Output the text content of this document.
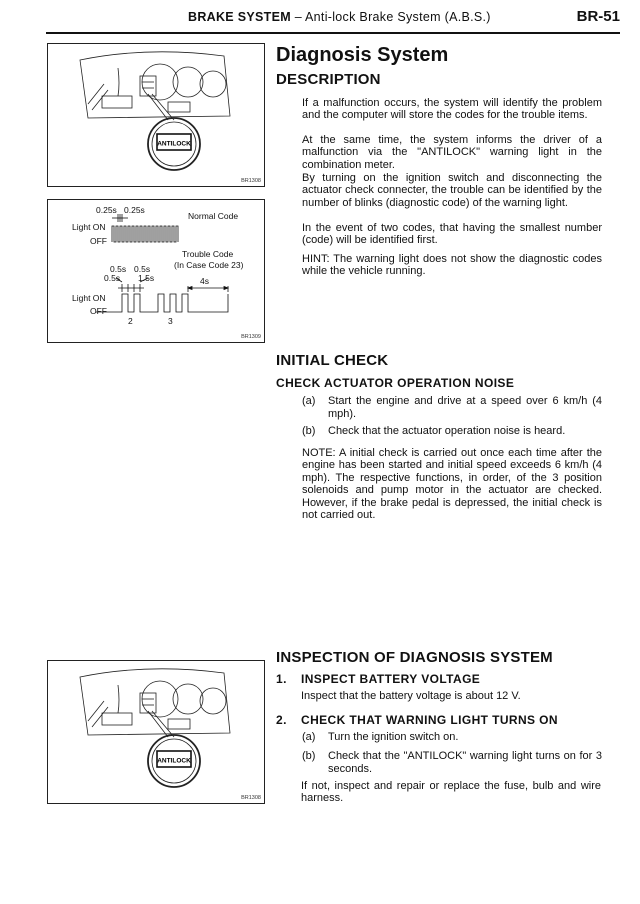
BRAKE SYSTEM – Anti-lock Brake System (A.B.S.)	BR-51
ANTILOCK
BR1308
0.25s 0.25s
Normal Code
Light ON
OFF
Trouble Code
(In Case Code 23)
0.5s 0.5s
0.5s 1.5s	4s
Light ON
OFF
2	3
BR1309
ANTILOCK
BR1308
Diagnosis System
DESCRIPTION
If a malfunction occurs, the system will identify the problem and the computer will store the codes for the trouble items.
At the same time, the system informs the driver of a malfunction via the "ANTILOCK" warning light in the combination meter.
By turning on the ignition switch and disconnecting the actuator check connecter, the trouble can be identified by the number of blinks (diagnostic code) of the warning light.
In the event of two codes, that having the smallest number (code) will be identified first.
HINT: The warning light does not show the diagnostic codes while the vehicle running.
INITIAL CHECK
CHECK ACTUATOR OPERATION NOISE
(a) Start the engine and drive at a speed over 6 km/h (4 mph).
(b) Check that the actuator operation noise is heard.
NOTE: A initial check is carried out once each time after the engine has been started and initial speed exceeds 6 km/h (4 mph). The respective functions, in order, of the 3 position solenoids and pump motor in the actuator are checked. However, if the brake pedal is depressed, the initial check is not carried out.
INSPECTION OF DIAGNOSIS SYSTEM
1. INSPECT BATTERY VOLTAGE
Inspect that the battery voltage is about 12 V.
2. CHECK THAT WARNING LIGHT TURNS ON
(a) Turn the ignition switch on.
(b) Check that the "ANTILOCK" warning light turns on for 3 seconds.
If not, inspect and repair or replace the fuse, bulb and wire harness.
